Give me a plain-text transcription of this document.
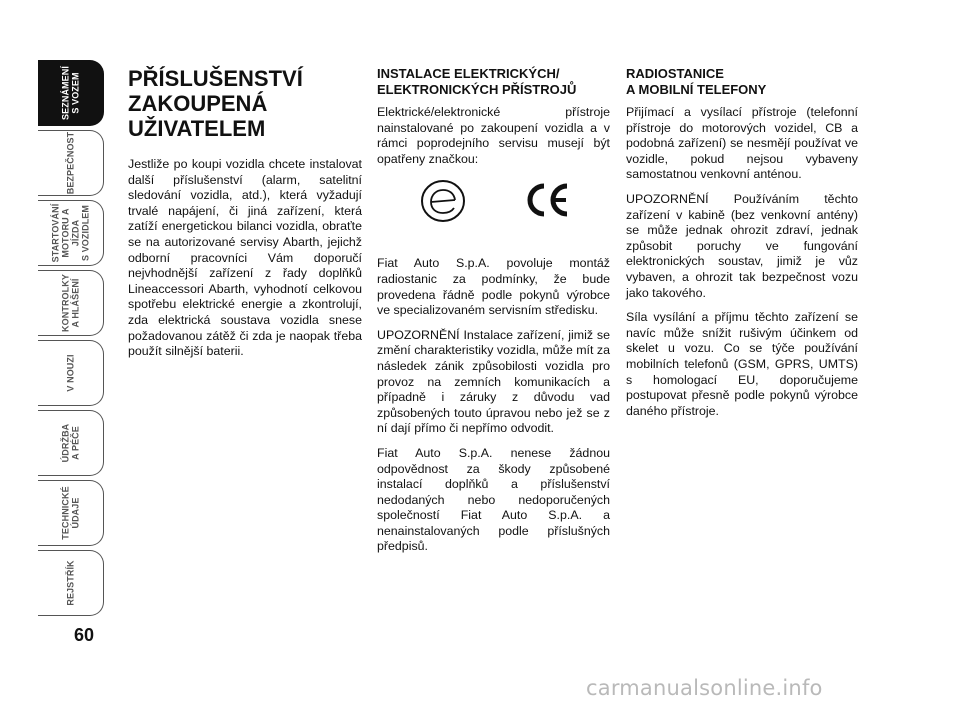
SEZNÁMENÍ
S VOZEM
BEZPEČNOST
STARTOVÁNÍ
MOTORU A JÍZDA
S VOZIDLEM
KONTROLKY
A HLÁŠENÍ
V NOUZI
ÚDRŽBA
A PÉČE
TECHNICKÉ
ÚDAJE
REJSTŘÍK
60
PŘÍSLUŠENSTVÍ
ZAKOUPENÁ
UŽIVATELEM

Jestliže po koupi vozidla chcete instalovat další příslušenství (alarm, satelitní sledování vozidla, atd.), která vyžadují trvalé napájení, či jiná zařízení, která zatíží energetickou bilanci vozidla, obraťte se na autorizované servisy Abarth, jejichž odborní pracovníci Vám doporučí nejvhodnější zařízení z řady doplňků Lineaccessori Abarth, vyhodnotí celkovou spotřebu elektrické energie a zkontrolují, zda elektrická soustava vozidla snese požadovanou zátěž či zda je naopak třeba použít silnější baterii.

INSTALACE ELEKTRICKÝCH/
ELEKTRONICKÝCH PŘÍSTROJŮ

Elektrické/elektronické přístroje nainstalované po zakoupení vozidla a v rámci poprodejního servisu musejí být opatřeny značkou:

Fiat Auto S.p.A. povoluje montáž radiostanic za podmínky, že bude provedena řádně podle pokynů výrobce ve specializovaném servisním středisku.

UPOZORNĚNÍ Instalace zařízení, jimiž se změní charakteristiky vozidla, může mít za následek zánik způsobilosti vozidla pro provoz na zemních komunikacích a případně i záruky z důvodu vad způsobených touto úpravou nebo jež se z ní dají přímo či nepřímo odvodit.

Fiat Auto S.p.A. nenese žádnou odpovědnost za škody způsobené instalací doplňků a příslušenství nedodaných nebo nedoporučených společností Fiat Auto S.p.A. a nenainstalovaných podle příslušných předpisů.

RADIOSTANICE
A MOBILNÍ TELEFONY

Přijímací a vysílací přístroje (telefonní přístroje do motorových vozidel, CB a podobná zařízení) se nesmějí používat ve vozidle, pokud nejsou vybaveny samostatnou venkovní anténou.

UPOZORNĚNÍ Používáním těchto zařízení v kabině (bez venkovní antény) se může jednak ohrozit zdraví, jednak způsobit poruchy ve fungování elektronických soustav, jimiž je vůz vybaven, a ohrozit tak bezpečnost vozu jako takového.

Síla vysílání a příjmu těchto zařízení se navíc může snížit rušivým účinkem od skelet u vozu. Co se týče používání mobilních telefonů (GSM, GPRS, UMTS) s homologací EU, doporučujeme postupovat přesně podle pokynů výrobce daného přístroje.

carmanualsonline.info
